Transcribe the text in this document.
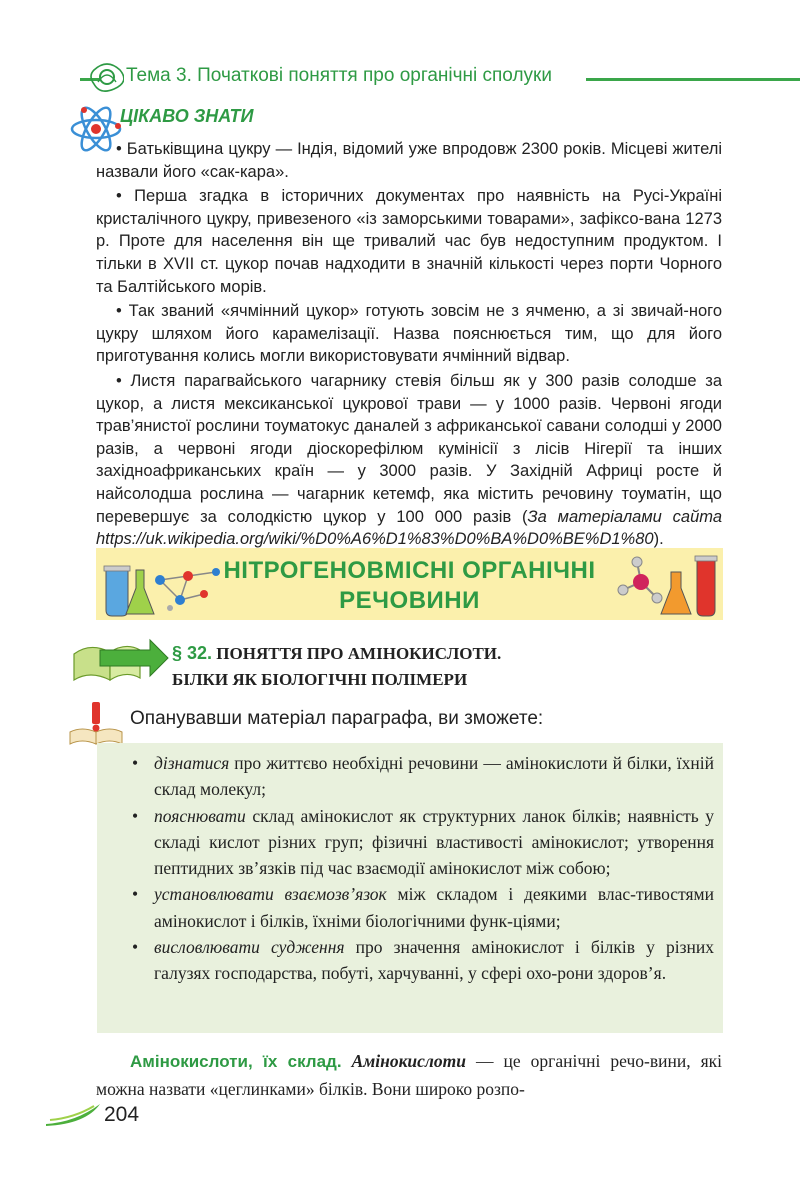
Тема 3. Початкові поняття про органічні сполуки
ЦІКАВО ЗНАТИ

• Батьківщина цукру — Індія, відомий уже впродовж 2300 років. Місцеві жителі назвали його «сак-кара».

• Перша згадка в історичних документах про наявність на Русі-Україні кристалічного цукру, привезеного «із заморськими товарами», зафіксо-вана 1273 р. Проте для населення він ще тривалий час був недоступним продуктом. І тільки в XVII ст. цукор почав надходити в значній кількості через порти Чорного та Балтійського морів.

• Так званий «ячмінний цукор» готують зовсім не з ячменю, а зі звичай-ного цукру шляхом його карамелізації. Назва пояснюється тим, що для його приготування колись могли використовувати ячмінний відвар.

• Листя парагвайського чагарнику стевія більш як у 300 разів солодше за цукор, а листя мексиканської цукрової трави — у 1000 разів. Червоні ягоди трав’янистої рослини тоуматокус даналей з африканської савани солодші у 2000 разів, а червоні ягоди діоскорефілюм кумінісії з лісів Нігерії та інших західноафриканських країн — у 3000 разів. У Західній Африці росте й найсолодша рослина — чагарник кетемф, яка містить речовину тоуматін, що перевершує за солодкістю цукор у 100 000 разів (За матеріалами сайта https://uk.wikipedia.org/wiki/%D0%A6%D1%83%D0%BA%D0%BE%D1%80).

НІТРОГЕНОВМІСНІ ОРГАНІЧНІ
РЕЧОВИНИ
§ 32. ПОНЯТТЯ ПРО АМІНОКИСЛОТИ.
БІЛКИ ЯК БІОЛОГІЧНІ ПОЛІМЕРИ
Опанувавши матеріал параграфа, ви зможете:
• дізнатися про життєво необхідні речовини — амінокислоти й білки, їхній склад молекул;
• пояснювати склад амінокислот як структурних ланок білків; наявність у складі кислот різних груп; фізичні властивості амінокислот; утворення пептидних зв’язків під час взаємодії амінокислот між собою;
• установлювати взаємозв’язок між складом і деякими влас-тивостями амінокислот і білків, їхніми біологічними функ-ціями;
• висловлювати судження про значення амінокислот і білків у різних галузях господарства, побуті, харчуванні, у сфері охо-рони здоров’я.
Амінокислоти, їх склад. Амінокислоти — це органічні речо-вини, які можна назвати «цеглинками» білків. Вони широко розпо-
204
